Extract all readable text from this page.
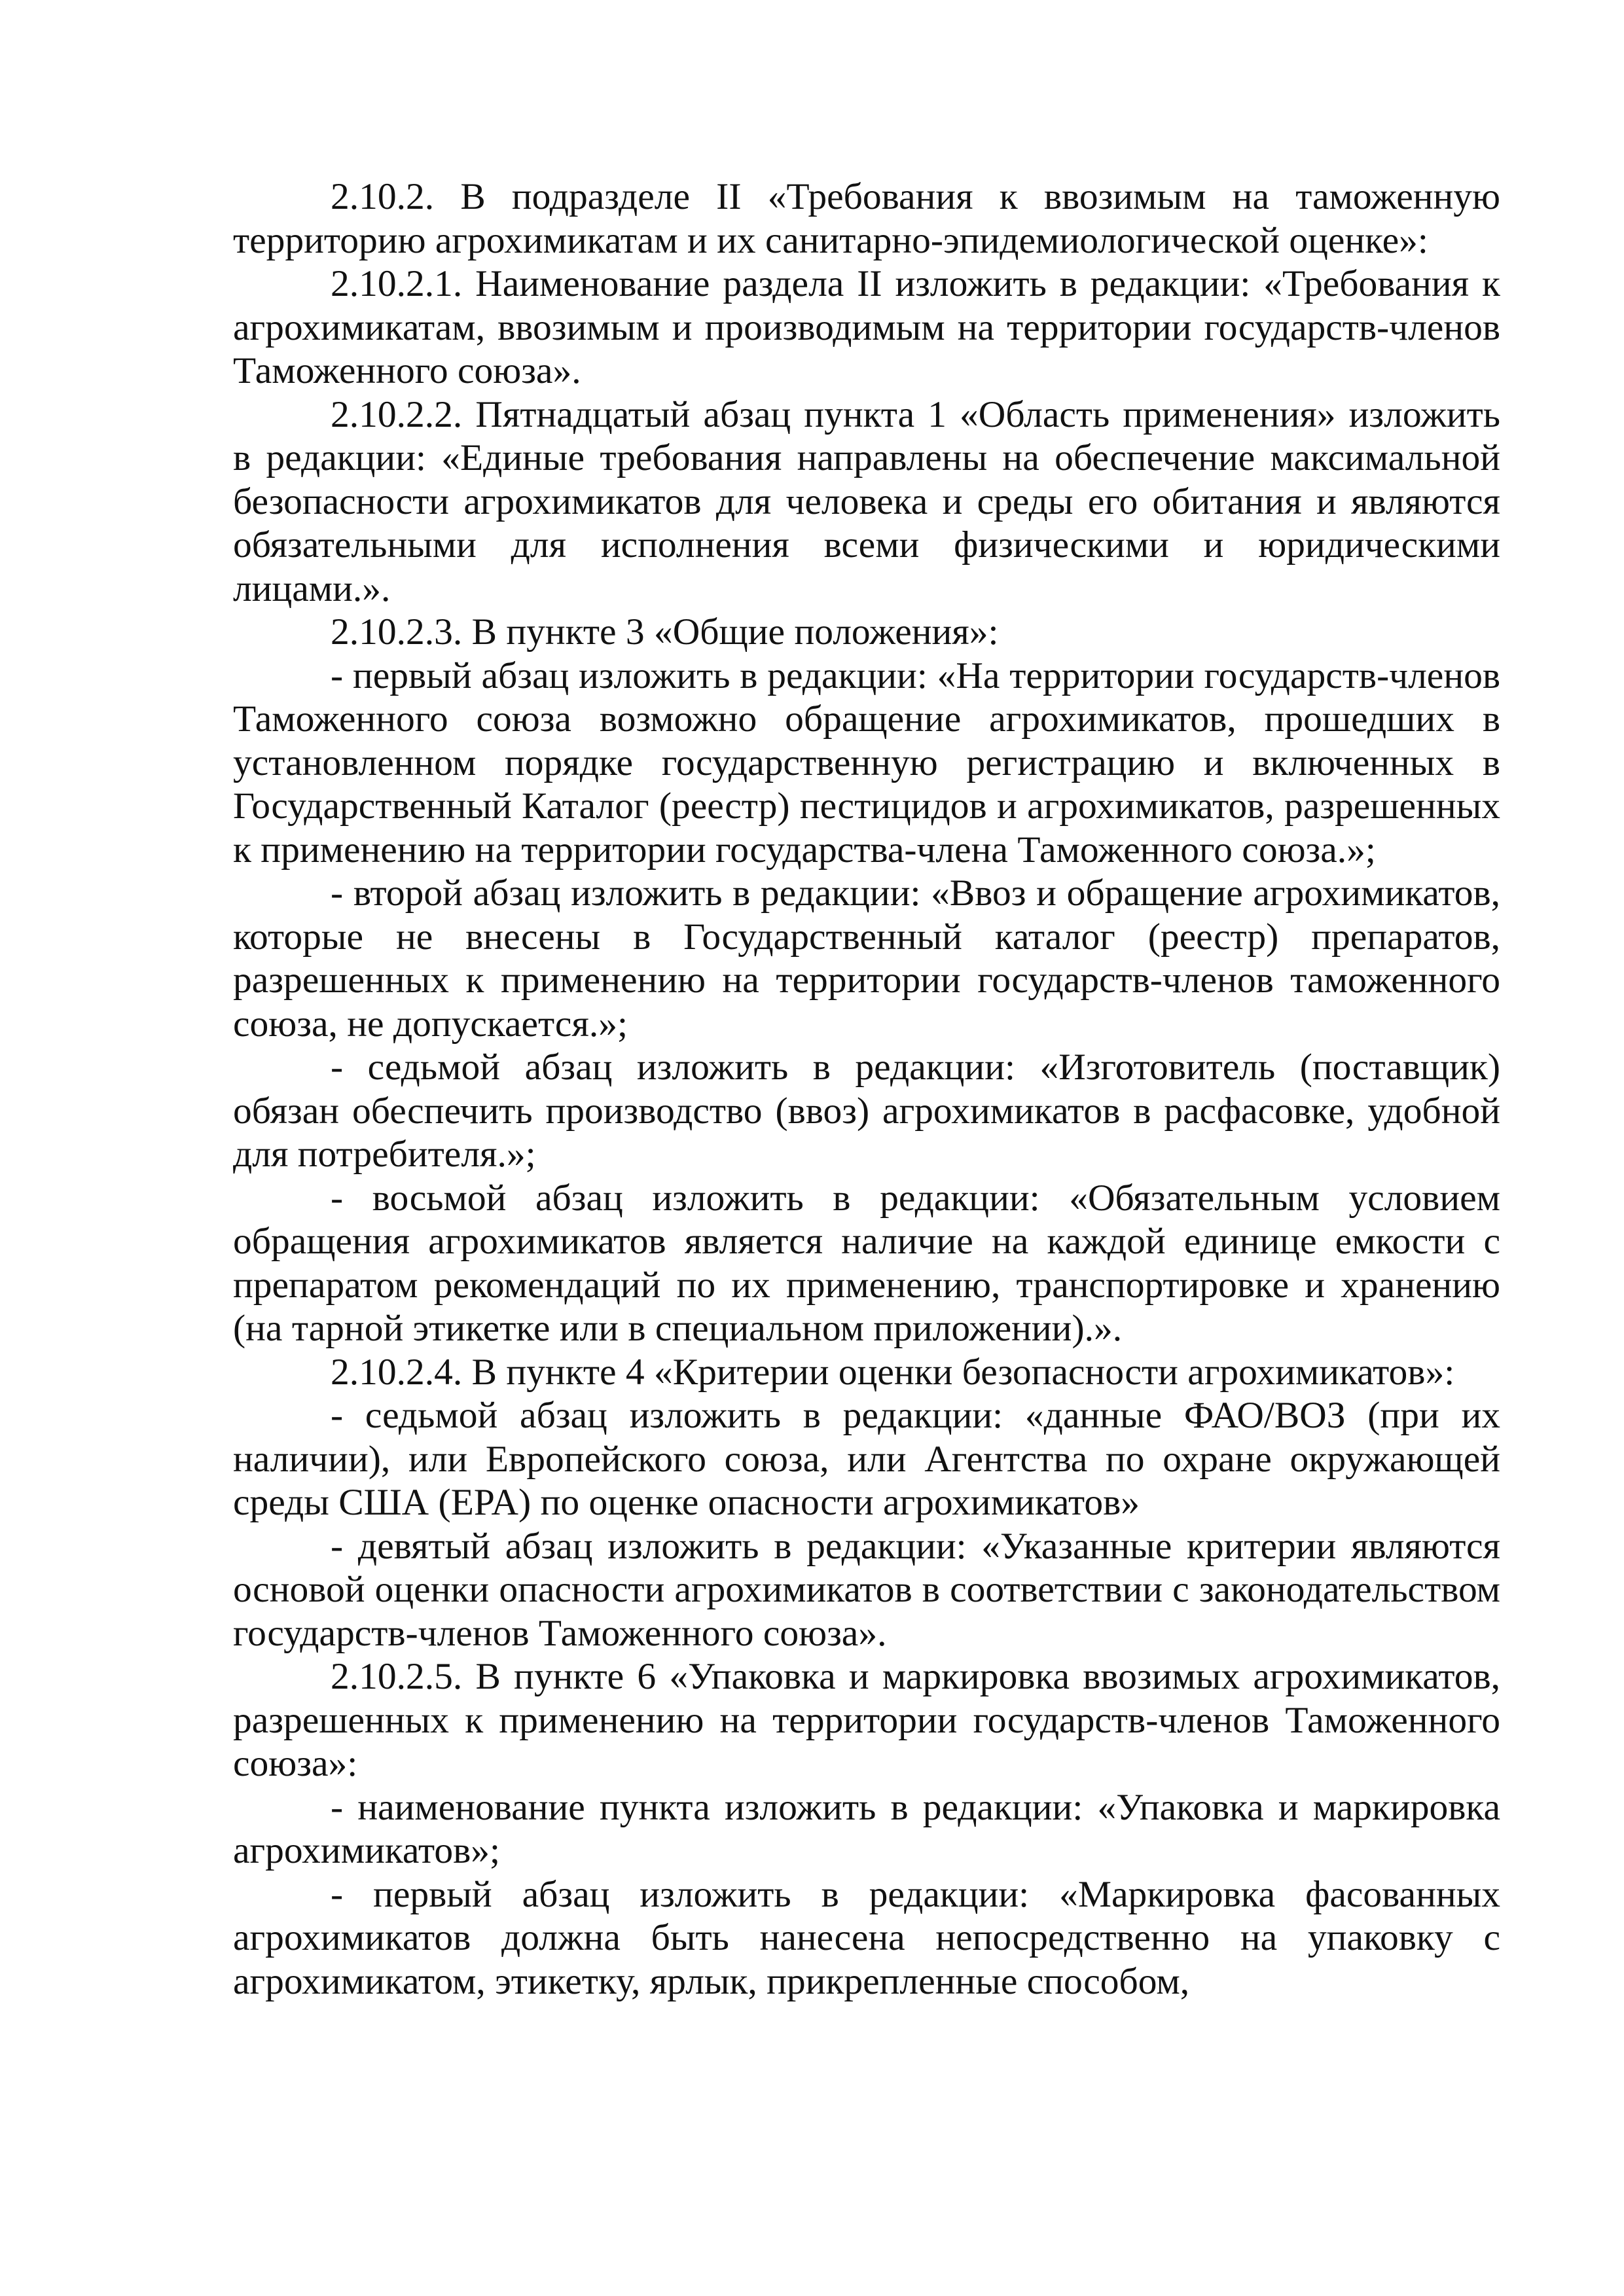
2.10.2. В подразделе II «Требования к ввозимым на таможенную территорию агрохимикатам и их санитарно-эпидемиологической оценке»:

2.10.2.1. Наименование раздела II изложить в редакции: «Требования к агрохимикатам, ввозимым и производимым на территории государств-членов Таможенного союза».

2.10.2.2. Пятнадцатый абзац пункта 1 «Область применения» изложить в редакции: «Единые требования направлены на обеспечение максимальной безопасности агрохимикатов для человека и среды его обитания и являются обязательными для исполнения всеми физическими и юридическими лицами.».

2.10.2.3. В пункте 3 «Общие положения»:

- первый абзац изложить в редакции: «На территории государств-членов Таможенного союза возможно обращение агрохимикатов, прошедших в установленном порядке государственную регистрацию и включенных в Государственный Каталог (реестр) пестицидов и агрохимикатов, разрешенных к применению на территории государства-члена Таможенного союза.»;

- второй абзац изложить в редакции: «Ввоз и обращение агрохимикатов, которые не внесены в Государственный каталог (реестр) препаратов, разрешенных к применению на территории государств-членов таможенного союза, не допускается.»;

- седьмой абзац изложить в редакции: «Изготовитель (поставщик) обязан обеспечить производство (ввоз) агрохимикатов в расфасовке, удобной для потребителя.»;

- восьмой абзац изложить в редакции: «Обязательным условием обращения агрохимикатов является наличие на каждой единице емкости с препаратом рекомендаций по их применению, транспортировке и хранению (на тарной этикетке или в специальном приложении).».

2.10.2.4. В пункте 4 «Критерии оценки безопасности агрохимикатов»:

- седьмой абзац изложить в редакции: «данные ФАО/ВОЗ (при их наличии), или Европейского союза, или Агентства по охране окружающей среды США (EPA) по оценке опасности агрохимикатов»

- девятый абзац изложить в редакции: «Указанные критерии являются основой оценки опасности агрохимикатов в соответствии с законодательством государств-членов Таможенного союза».

2.10.2.5. В пункте 6 «Упаковка и маркировка ввозимых агрохимикатов, разрешенных к применению на территории государств-членов Таможенного союза»:

- наименование пункта изложить в редакции: «Упаковка и маркировка агрохимикатов»;

- первый абзац изложить в редакции: «Маркировка фасованных агрохимикатов должна быть нанесена непосредственно на упаковку с агрохимикатом, этикетку, ярлык, прикрепленные способом,
